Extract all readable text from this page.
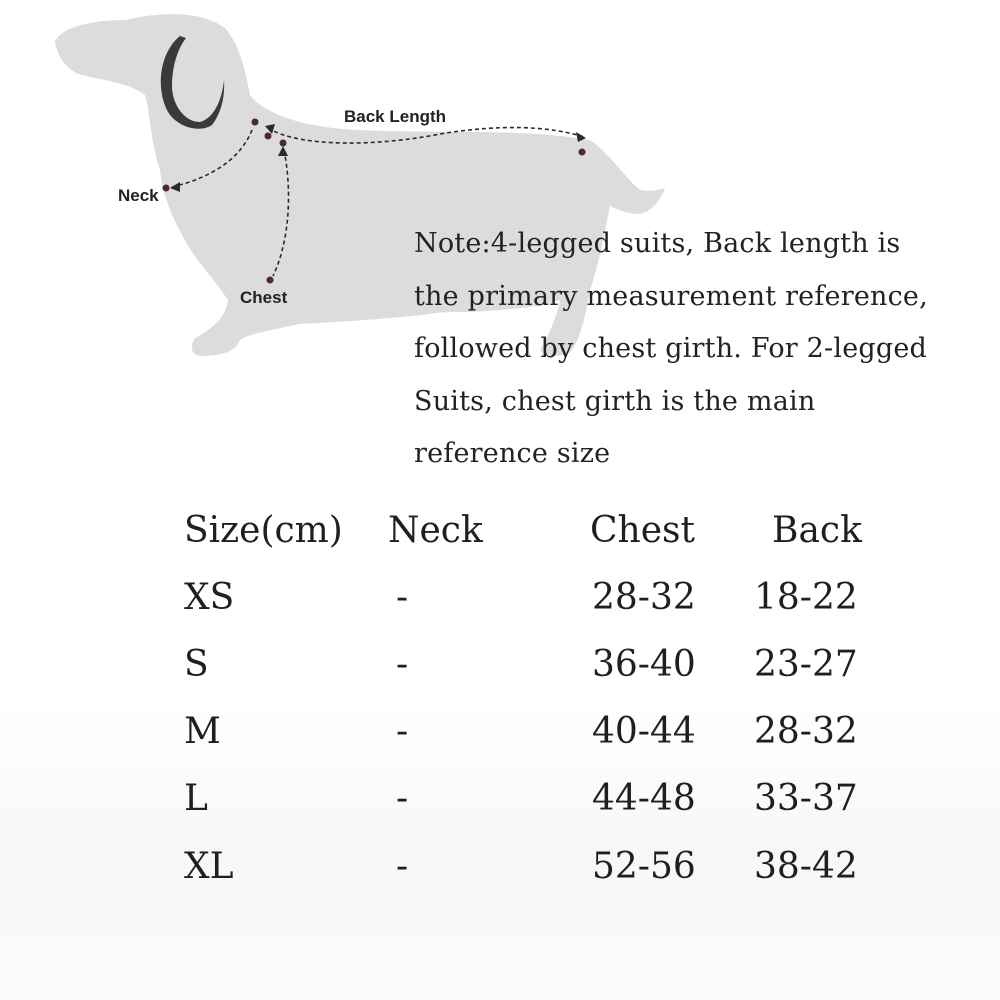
Back Length
Neck
Chest
Note:4-legged suits, Back length is
the primary measurement reference,
followed by chest girth. For 2-legged
Suits, chest girth is the main
reference size
Size(cm) Neck	Chest Back
XS	-	28-32 18-22
S	-	36-40 23-27
M	-	40-44 28-32
L	-	44-48 33-37
XL	-	52-56 38-42
